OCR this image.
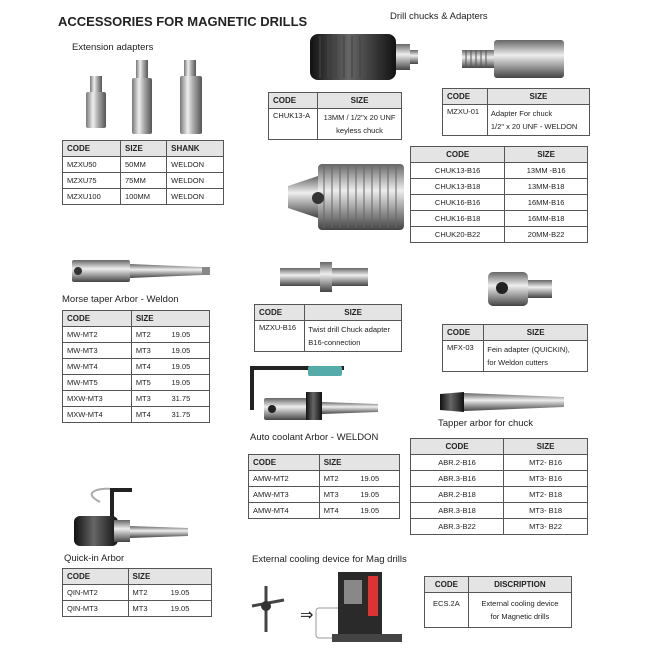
ACCESSORIES FOR MAGNETIC DRILLS
Extension adapters
Drill chucks & Adapters
Morse taper Arbor - Weldon
Auto coolant Arbor - WELDON
Tapper arbor for chuck
Quick-in Arbor	External cooling device for Mag drills
⇒
CODE	SIZE	SHANK
MZXU50	50MM	WELDON
MZXU75	75MM	WELDON
MZXU100	100MM	WELDON
CODE	SIZE
CHUK13-A	13MM / 1/2"x 20 UNF
keyless chuck
CODE	SIZE
MZXU-01	Adapter For chuck
1/2" x 20 UNF - WELDON
CODE	SIZE
CHUK13-B16	13MM -B16
CHUK13-B18	13MM-B18
CHUK16-B16	16MM-B16
CHUK16-B18	16MM-B18
CHUK20-B22	20MM-B22
CODE	SIZE	
MW-MT2	MT2	19.05
MW-MT3	MT3	19.05
MW-MT4	MT4	19.05
MW-MT5	MT5	19.05
MXW-MT3	MT3	31.75
MXW-MT4	MT4	31.75
CODE	SIZE
MZXU-B16	Twist drill Chuck adapter
B16-connection
CODE	SIZE
MFX-03	Fein adapter (QUICKIN),
for Weldon cutters
CODE	SIZE	
AMW-MT2	MT2	19.05
AMW-MT3	MT3	19.05
AMW-MT4	MT4	19.05
CODE	SIZE
ABR.2-B16	MT2- B16
ABR.3-B16	MT3- B16
ABR.2-B18	MT2- B18
ABR.3-B18	MT3- B18
ABR.3-B22	MT3- B22
CODE	SIZE	
QIN-MT2	MT2	19.05
QIN-MT3	MT3	19.05
CODE	DISCRIPTION
ECS.2A	External cooling device
for Magnetic drills
